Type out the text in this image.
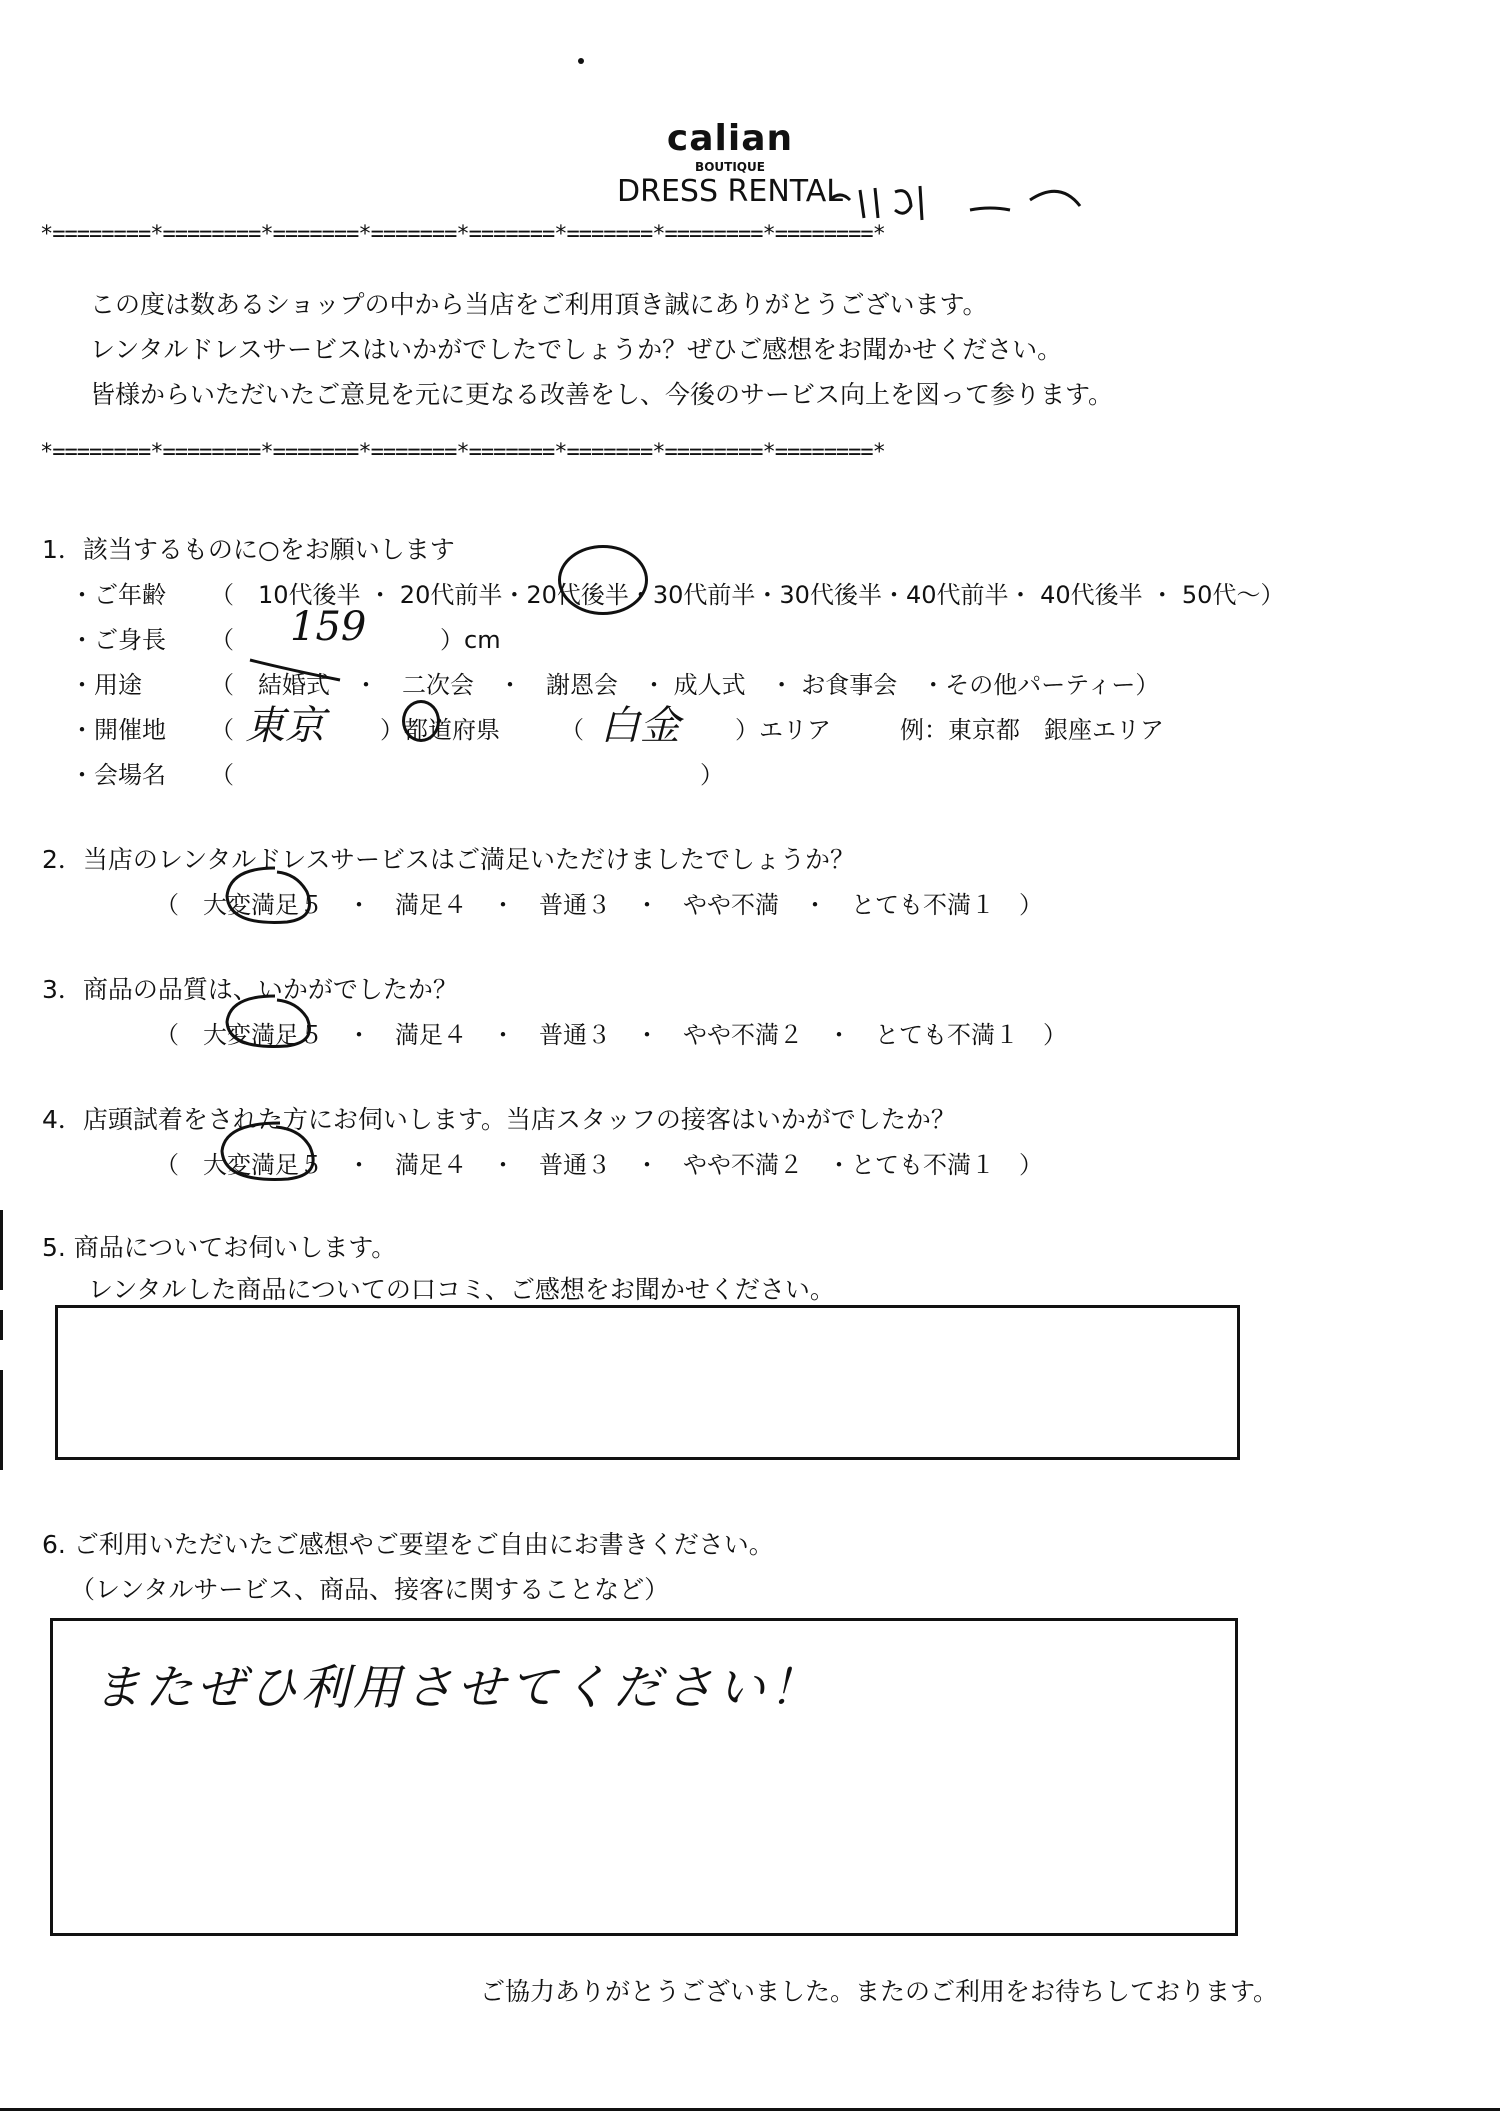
calian
BOUTIQUE
DRESS RENTAL
*========*========*=======*=======*=======*=======*========*========*
この度は数あるショップの中から当店をご利用頂き誠にありがとうございます。
レンタルドレスサービスはいかがでしたでしょうか？ぜひご感想をお聞かせください。
皆様からいただいたご意見を元に更なる改善をし、今後のサービス向上を図って参ります。
*========*========*=======*=======*=======*=======*========*========*
1．該当するものに○をお願いします
・ご年齢 （　10代後半 ・ 20代前半・20代後半・30代前半・30代後半・40代前半・ 40代後半 ・ 50代～）
・ご身長 （ 159	）cm
・用途	（　結婚式　・　二次会　・　謝恩会　・ 成人式　・ お食事会　・その他パーティー）
・開催地 （ 東京 ）都道府県	（ 白金 ）エリア	例：東京都　銀座エリア
・会場名 （	）
2．当店のレンタルドレスサービスはご満足いただけましたでしょうか？
（　大変満足５　・　満足４　・　普通３　・　やや不満　・　とても不満１　）
3．商品の品質は、いかがでしたか？
（　大変満足５　・　満足４　・　普通３　・　やや不満２　・　とても不満１　）
4．店頭試着をされた方にお伺いします。当店スタッフの接客はいかがでしたか？
（　大変満足５　・　満足４　・　普通３　・　やや不満２　・とても不満１　）
5. 商品についてお伺いします。
レンタルした商品についての口コミ、ご感想をお聞かせください。
6. ご利用いただいたご感想やご要望をご自由にお書きください。
（レンタルサービス、商品、接客に関することなど）
またぜひ利用させてください！
ご協力ありがとうございました。またのご利用をお待ちしております。
